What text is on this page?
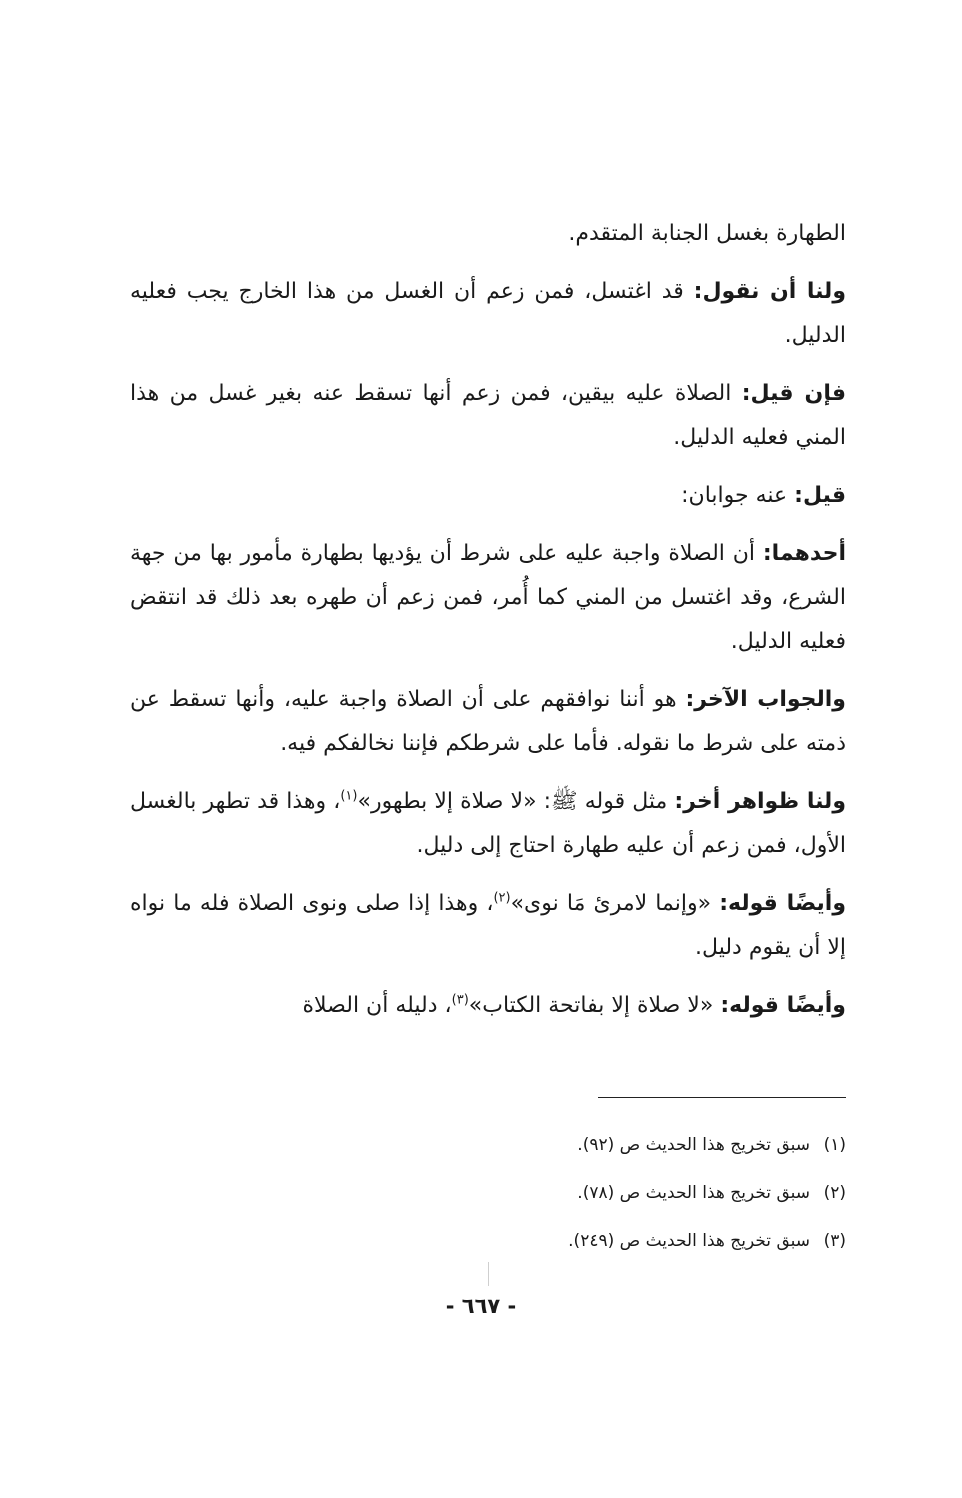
الطهارة بغسل الجنابة المتقدم.

ولنا أن نقول: قد اغتسل، فمن زعم أن الغسل من هذا الخارج يجب فعليه الدليل.

فإن قيل: الصلاة عليه بيقين، فمن زعم أنها تسقط عنه بغير غسل من هذا المني فعليه الدليل.

قيل: عنه جوابان:

أحدهما: أن الصلاة واجبة عليه على شرط أن يؤديها بطهارة مأمور بها من جهة الشرع، وقد اغتسل من المني كما أُمر، فمن زعم أن طهره بعد ذلك قد انتقض فعليه الدليل.

والجواب الآخر: هو أننا نوافقهم على أن الصلاة واجبة عليه، وأنها تسقط عن ذمته على شرط ما نقوله. فأما على شرطكم فإننا نخالفكم فيه.

ولنا ظواهر أخر: مثل قوله ﷺ: «لا صلاة إلا بطهور»$^{(١)}$، وهذا قد تطهر بالغسل الأول، فمن زعم أن عليه طهارة احتاج إلى دليل.

وأيضًا قوله: «وإنما لامرئ مَا نوى»$^{(٢)}$، وهذا إذا صلى ونوى الصلاة فله ما نواه إلا أن يقوم دليل.

وأيضًا قوله: «لا صلاة إلا بفاتحة الكتاب»$^{(٣)}$، دليله أن الصلاة

(١)سبق تخريج هذا الحديث ص (٩٢).
(٢)سبق تخريج هذا الحديث ص (٧٨).
(٣)سبق تخريج هذا الحديث ص (٢٤٩).
- ٦٦٧ -
